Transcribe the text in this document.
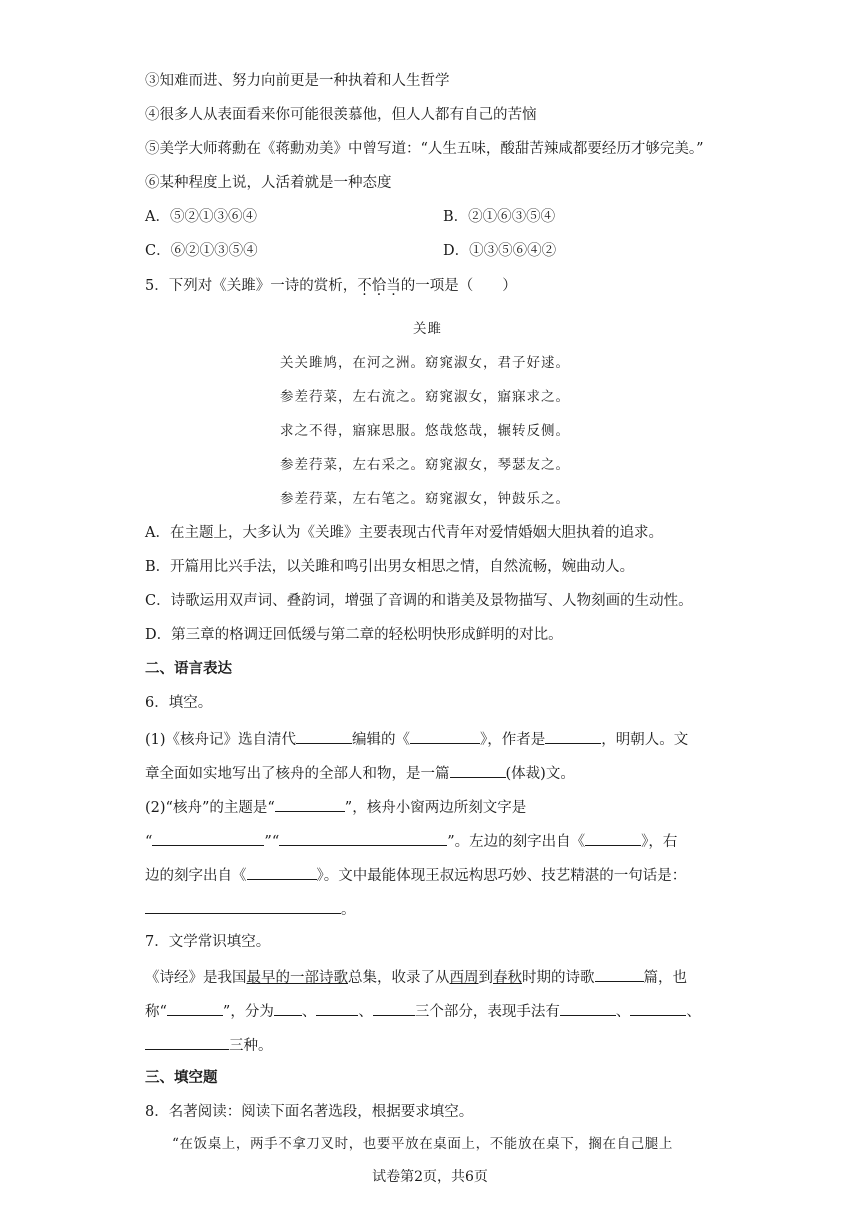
③知难而进、努力向前更是一种执着和人生哲学
④很多人从表面看来你可能很羡慕他，但人人都有自己的苦恼
⑤美学大师蒋勳在《蒋勳劝美》中曾写道：“人生五味，酸甜苦辣咸都要经历才够完美。”
⑥某种程度上说，人活着就是一种态度
A．⑤②①③⑥④	B．②①⑥③⑤④
C．⑥②①③⑤④	D．①③⑤⑥④②
5．下列对《关雎》一诗的赏析，不恰当的一项是（　　）
关雎
关关雎鸠，在河之洲。窈窕淑女，君子好逑。
参差荇菜，左右流之。窈窕淑女，寤寐求之。
求之不得，寤寐思服。悠哉悠哉，辗转反侧。
参差荇菜，左右采之。窈窕淑女，琴瑟友之。
参差荇菜，左右笔之。窈窕淑女，钟鼓乐之。
A．在主题上，大多认为《关雎》主要表现古代青年对爱情婚姻大胆执着的追求。
B．开篇用比兴手法，以关雎和鸣引出男女相思之情，自然流畅，婉曲动人。
C．诗歌运用双声词、叠韵词，增强了音调的和谐美及景物描写、人物刻画的生动性。
D．第三章的格调迂回低缓与第二章的轻松明快形成鲜明的对比。
二、语言表达
6．填空。
(1)《核舟记》选自清代	编辑的《	》，作者是	，明朝人。文
章全面如实地写出了核舟的全部人和物，是一篇	(体裁)文。
(2)“核舟”的主题是“	”，核舟小窗两边所刻文字是
“	”“	”。左边的刻字出自《	》，右
边的刻字出自《	》。文中最能体现王叔远构思巧妙、技艺精湛的一句话是：
。
7．文学常识填空。
《诗经》是我国最早的一部诗歌总集，收录了从西周到春秋时期的诗歌	篇，也
称“	”，分为 、	、	三个部分，表现手法有	、	、
三种。
三、填空题
8．名著阅读：阅读下面名著选段，根据要求填空。
“在饭桌上，两手不拿刀叉时，也要平放在桌面上，不能放在桌下，搁在自己腿上
试卷第2页，共6页
